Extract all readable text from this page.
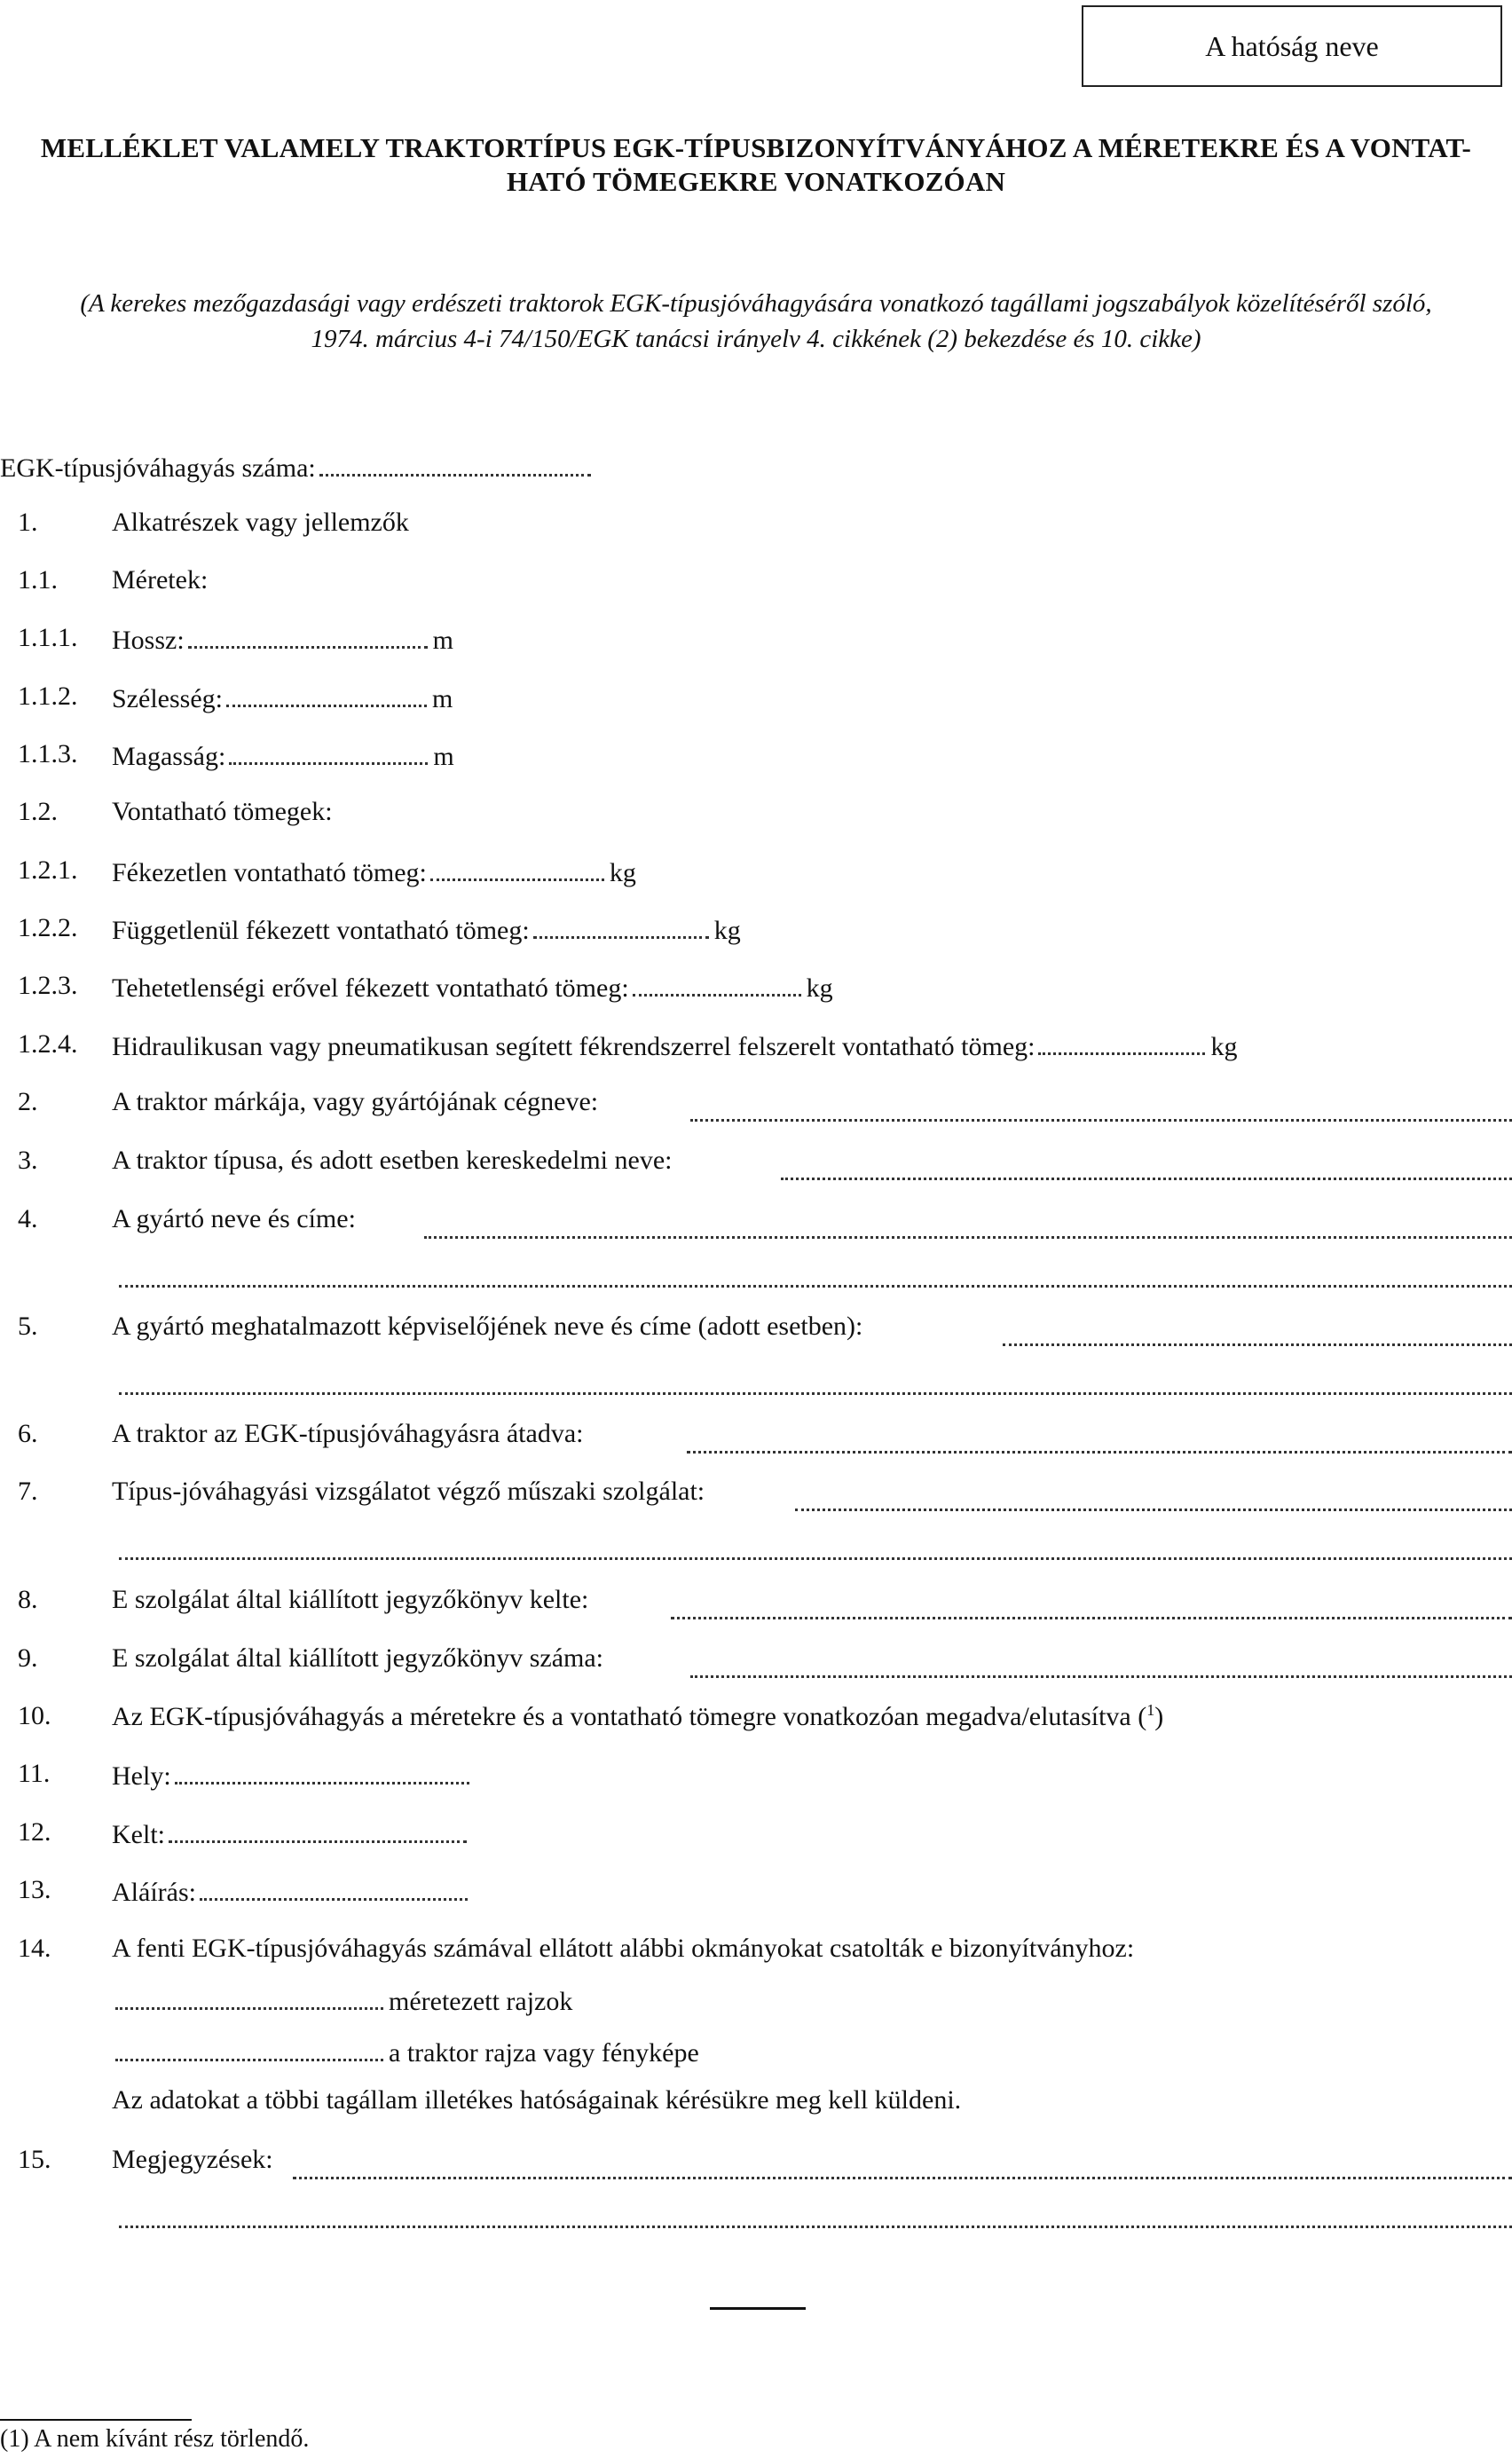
A hatóság neve
MELLÉKLET VALAMELY TRAKTORTÍPUS EGK-TÍPUSBIZONYÍTVÁNYÁHOZ A MÉRETEKRE ÉS A VONTAT-
HATÓ TÖMEGEKRE VONATKOZÓAN
(A kerekes mezőgazdasági vagy erdészeti traktorok EGK-típusjóváhagyására vonatkozó tagállami jogszabályok közelítéséről szóló,
1974. március 4-i 74/150/EGK tanácsi irányelv 4. cikkének (2) bekezdése és 10. cikke)
EGK-típusjóváhagyás száma:
1.	Alkatrészek vagy jellemzők
1.1. Méretek:
1.1.1. Hossz:	m
1.1.2. Szélesség:	m
1.1.3. Magasság:	m
1.2. Vontatható tömegek:
1.2.1. Fékezetlen vontatható tömeg:	kg
1.2.2. Függetlenül fékezett vontatható tömeg:	kg
1.2.3. Tehetetlenségi erővel fékezett vontatható tömeg:	kg
1.2.4. Hidraulikusan vagy pneumatikusan segített fékrendszerrel felszerelt vontatható tömeg:	kg
2.	A traktor márkája, vagy gyártójának cégneve:
3.	A traktor típusa, és adott esetben kereskedelmi neve:
4.	A gyártó neve és címe:
5.	A gyártó meghatalmazott képviselőjének neve és címe (adott esetben):
6.	A traktor az EGK-típusjóváhagyásra átadva:
7.	Típus-jóváhagyási vizsgálatot végző műszaki szolgálat:
8.	E szolgálat által kiállított jegyzőkönyv kelte:
9.	E szolgálat által kiállított jegyzőkönyv száma:
10. Az EGK-típusjóváhagyás a méretekre és a vontatható tömegre vonatkozóan megadva/elutasítva ($^1$)
11. Hely:
12. Kelt:
13. Aláírás:
14. A fenti EGK-típusjóváhagyás számával ellátott alábbi okmányokat csatolták e bizonyítványhoz:
méretezett rajzok
a traktor rajza vagy fényképe
Az adatokat a többi tagállam illetékes hatóságainak kérésükre meg kell küldeni.
15. Megjegyzések:
(1) A nem kívánt rész törlendő.
